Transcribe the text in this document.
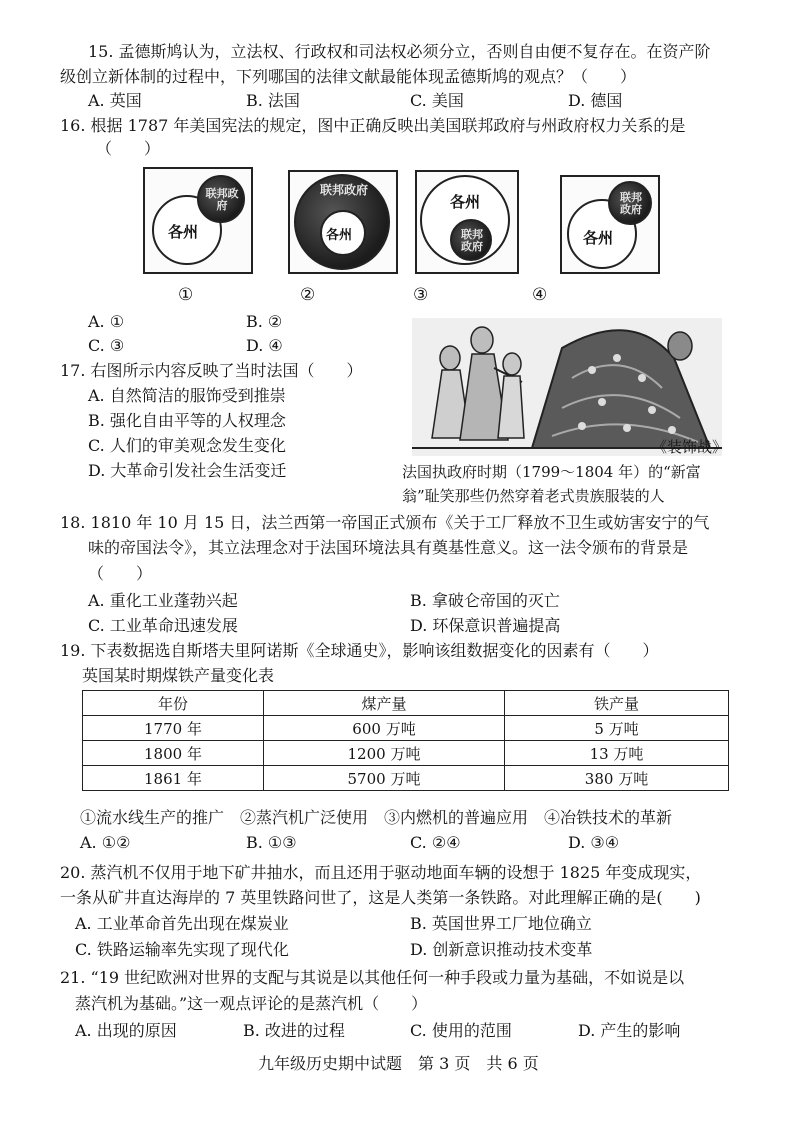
15. 孟德斯鸠认为，立法权、行政权和司法权必须分立，否则自由便不复存在。在资产阶
级创立新体制的过程中，下列哪国的法律文献最能体现孟德斯鸠的观点？（　　）
A. 英国	B. 法国	C. 美国	D. 德国
16. 根据 1787 年美国宪法的规定，图中正确反映出美国联邦政府与州政府权力关系的是
（　　）
各州
联邦政府
①
联邦政府
各州
②
各州
联邦政府
③
各州
联邦政府
④
A. ①	B. ②
C. ③	D. ④
17. 右图所示内容反映了当时法国（　　）
A. 自然简洁的服饰受到推崇
B. 强化自由平等的人权理念
C. 人们的审美观念发生变化
D. 大革命引发社会生活变迁
《装饰战》
法国执政府时期（1799～1804 年）的“新富
翁”耻笑那些仍然穿着老式贵族服装的人
18. 1810 年 10 月 15 日，法兰西第一帝国正式颁布《关于工厂释放不卫生或妨害安宁的气
味的帝国法令》，其立法理念对于法国环境法具有奠基性意义。这一法令颁布的背景是
（　　）
A. 重化工业蓬勃兴起	B. 拿破仑帝国的灭亡
C. 工业革命迅速发展	D. 环保意识普遍提高
19. 下表数据选自斯塔夫里阿诺斯《全球通史》，影响该组数据变化的因素有（　　）
英国某时期煤铁产量变化表
年份	煤产量	铁产量
1770 年	600 万吨	5 万吨
1800 年	1200 万吨	13 万吨
1861 年	5700 万吨	380 万吨
①流水线生产的推广　②蒸汽机广泛使用　③内燃机的普遍应用　④冶铁技术的革新
A. ①②	B. ①③	C. ②④	D. ③④
20. 蒸汽机不仅用于地下矿井抽水，而且还用于驱动地面车辆的设想于 1825 年变成现实，
一条从矿井直达海岸的 7 英里铁路问世了，这是人类第一条铁路。对此理解正确的是(　　)
A. 工业革命首先出现在煤炭业	B. 英国世界工厂地位确立
C. 铁路运输率先实现了现代化	D. 创新意识推动技术变革
21. “19 世纪欧洲对世界的支配与其说是以其他任何一种手段或力量为基础，不如说是以
蒸汽机为基础。”这一观点评论的是蒸汽机（　　）
A. 出现的原因	B. 改进的过程	C. 使用的范围	D. 产生的影响
九年级历史期中试题　第 3 页　共 6 页
